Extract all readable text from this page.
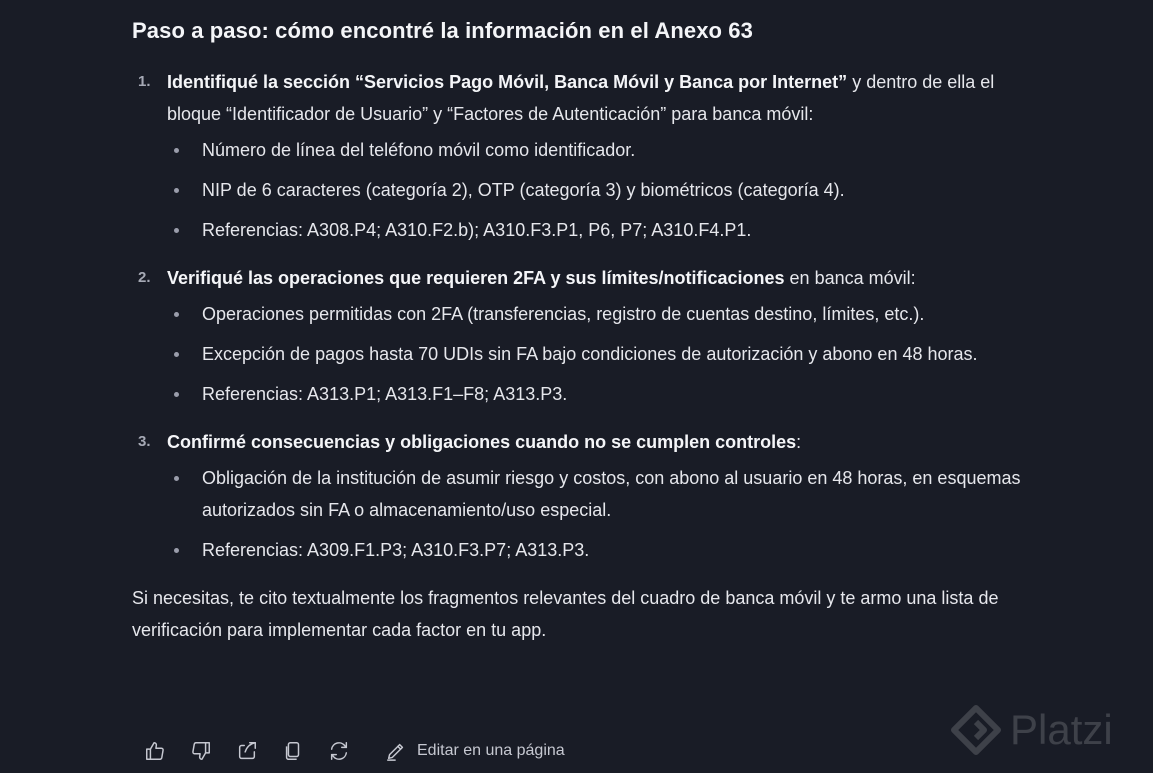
Paso a paso: cómo encontré la información en el Anexo 63
1. Identifiqué la sección “Servicios Pago Móvil, Banca Móvil y Banca por Internet” y dentro de ella el bloque “Identificador de Usuario” y “Factores de Autenticación” para banca móvil:
Número de línea del teléfono móvil como identificador.
NIP de 6 caracteres (categoría 2), OTP (categoría 3) y biométricos (categoría 4).
Referencias: A308.P4; A310.F2.b); A310.F3.P1, P6, P7; A310.F4.P1.
2. Verifiqué las operaciones que requieren 2FA y sus límites/notificaciones en banca móvil:
Operaciones permitidas con 2FA (transferencias, registro de cuentas destino, límites, etc.).
Excepción de pagos hasta 70 UDIs sin FA bajo condiciones de autorización y abono en 48 horas.
Referencias: A313.P1; A313.F1–F8; A313.P3.
3. Confirmé consecuencias y obligaciones cuando no se cumplen controles:
Obligación de la institución de asumir riesgo y costos, con abono al usuario en 48 horas, en esquemas autorizados sin FA o almacenamiento/uso especial.
Referencias: A309.F1.P3; A310.F3.P7; A313.P3.

Si necesitas, te cito textualmente los fragmentos relevantes del cuadro de banca móvil y te armo una lista de verificación para implementar cada factor en tu app.

Editar en una página	Platzi
